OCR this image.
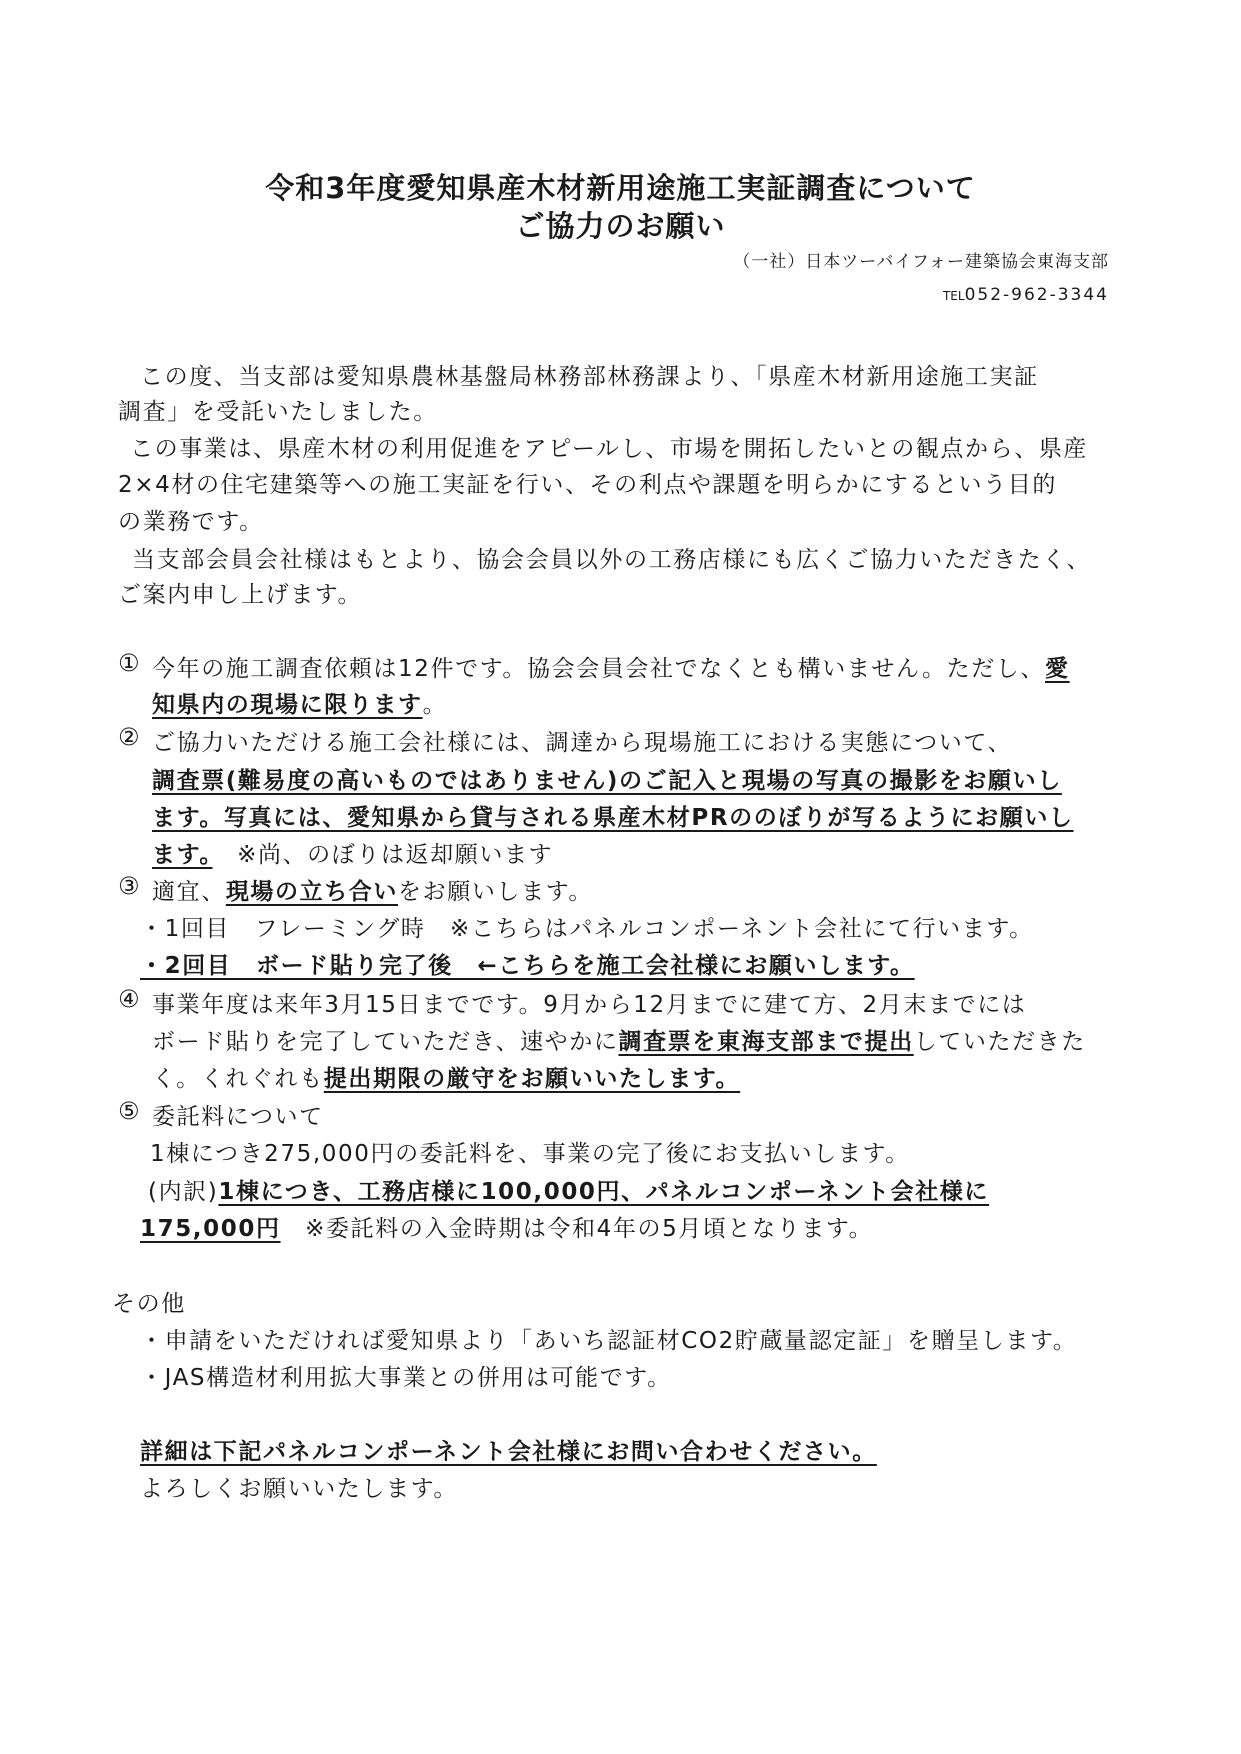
令和3年度愛知県産木材新用途施工実証調査について
ご協力のお願い
（一社）日本ツーバイフォー建築協会東海支部
TEL052-962-3344
この度、当支部は愛知県農林基盤局林務部林務課より、「県産木材新用途施工実証
調査」を受託いたしました。
この事業は、県産木材の利用促進をアピールし、市場を開拓したいとの観点から、県産
2×4材の住宅建築等への施工実証を行い、その利点や課題を明らかにするという目的
の業務です。
当支部会員会社様はもとより、協会会員以外の工務店様にも広くご協力いただきたく、
ご案内申し上げます。
① 今年の施工調査依頼は12件です。協会会員会社でなくとも構いません。ただし、愛
知県内の現場に限ります。
② ご協力いただける施工会社様には、調達から現場施工における実態について、
調査票(難易度の高いものではありません)のご記入と現場の写真の撮影をお願いし
ます。写真には、愛知県から貸与される県産木材PRののぼりが写るようにお願いし
ます。　 ※尚、のぼりは返却願います
③ 適宜、現場の立ち合いをお願いします。
・1回目　フレーミング時　※こちらはパネルコンポーネント会社にて行います。
・2回目　ボード貼り完了後　←こちらを施工会社様にお願いします。
④ 事業年度は来年3月15日までです。9月から12月までに建て方、2月末までには
ボード貼りを完了していただき、速やかに調査票を東海支部まで提出していただきた
く。くれぐれも提出期限の厳守をお願いいたします。
⑤ 委託料について
1棟につき275,000円の委託料を、事業の完了後にお支払いします。
(内訳)1棟につき、工務店様に100,000円、パネルコンポーネント会社様に
175,000円　 ※委託料の入金時期は令和4年の5月頃となります。
その他
・申請をいただければ愛知県より「あいち認証材CO2貯蔵量認定証」を贈呈します。
・JAS構造材利用拡大事業との併用は可能です。
詳細は下記パネルコンポーネント会社様にお問い合わせください。
よろしくお願いいたします。
